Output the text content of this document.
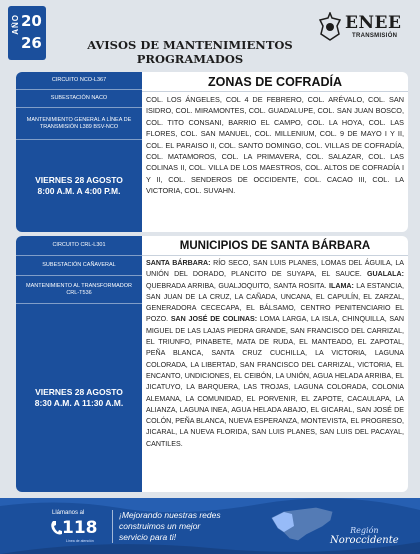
AÑO 20
26	AVISOS DE MANTENIMIENTOS
PROGRAMADOS
ENEE
TRANSMISIÓN
CIRCUITO NCO-L367
SUBESTACIÓN NACO
MANTENIMIENTO GENERAL A LÍNEA DE TRANSMISIÓN L389 BSV-NCO
VIERNES 28 AGOSTO
8:00 A.M. A 4:00 P.M.
ZONAS DE COFRADÍA
COL. LOS ÁNGELES, COL 4 DE FEBRERO, COL. ARÉVALO, COL. SAN ISIDRO, COL. MIRAMONTES, COL. GUADALUPE, COL. SAN JUAN BOSCO, COL. TITO CONSANI, BARRIO EL CAMPO, COL. LA HOYA, COL. LAS FLORES, COL. SAN MANUEL, COL. MILLENIUM, COL. 9 DE MAYO I Y II, COL. EL PARAISO II, COL. SANTO DOMINGO, COL. VILLAS DE COFRADÍA, COL. MATAMOROS, COL. LA PRIMAVERA, COL. SALAZAR, COL. LAS COLINAS II, COL. VILLA DE LOS MAESTROS, COL. ALTOS DE COFRADÍA I Y II, COL. SENDEROS DE OCCIDENTE, COL. CACAO III, COL. LA VICTORIA, COL. SUVAHN.
CIRCUITO CRL-L301
SUBESTACIÓN CAÑAVERAL
MANTENIMIENTO AL TRANSFORMADOR CRL-T536
VIERNES 28 AGOSTO
8:30 A.M. A 11:30 A.M.
MUNICIPIOS DE SANTA BÁRBARA
SANTA BÁRBARA: RÍO SECO, SAN LUIS PLANES, LOMAS DEL ÁGUILA, LA UNIÓN DEL DORADO, PLANCITO DE SUYAPA, EL SAUCE. GUALALA: QUEBRADA ARRIBA, GUALJOQUITO, SANTA ROSITA. ILAMA: LA ESTANCIA, SAN JUAN DE LA CRUZ, LA CAÑADA, UNCANA, EL CAPULÍN, EL ZARZAL, GENERADORA CECECAPA, EL BÁLSAMO, CENTRO PENITENCIARIO EL POZO. SAN JOSÉ DE COLINAS: LOMA LARGA, LA ISLA, CHINQUILLA, SAN MIGUEL DE LAS LAJAS PIEDRA GRANDE, SAN FRANCISCO DEL CARRIZAL, EL TRIUNFO, PINABETE, MATA DE RUDA, EL MANTEADO, EL ZAPOTAL, PEÑA BLANCA, SANTA CRUZ CUCHILLA, LA VICTORIA, LAGUNA COLORADA, LA LIBERTAD, SAN FRANCISCO DEL CARRIZAL, VICTORIA, EL ENCANTO, UNDICIONES, EL CEIBÓN, LA UNIÓN, AGUA HELADA ARRIBA, EL JICATUYO, LA BARQUERA, LAS TROJAS, LAGUNA COLORADA, COLONIA ALEMANA, LA COMUNIDAD, EL PORVENIR, EL ZAPOTE, CACAULAPA, LA ALIANZA, LAGUNA INEA, AGUA HELADA ABAJO, EL GICARAL, SAN JOSÉ DE COLÓN, PEÑA BLANCA, NUEVA ESPERANZA, MONTEVISTA, EL PROGRESO, JICARAL, LA NUEVA FLORIDA, SAN LUIS PLANES, SAN LUIS DEL PACAYAL, CANTILES.
Llámanos al
118
Línea de atención
¡Mejorando nuestras redes
construimos un mejor
servicio para ti!
Región
Noroccidente
